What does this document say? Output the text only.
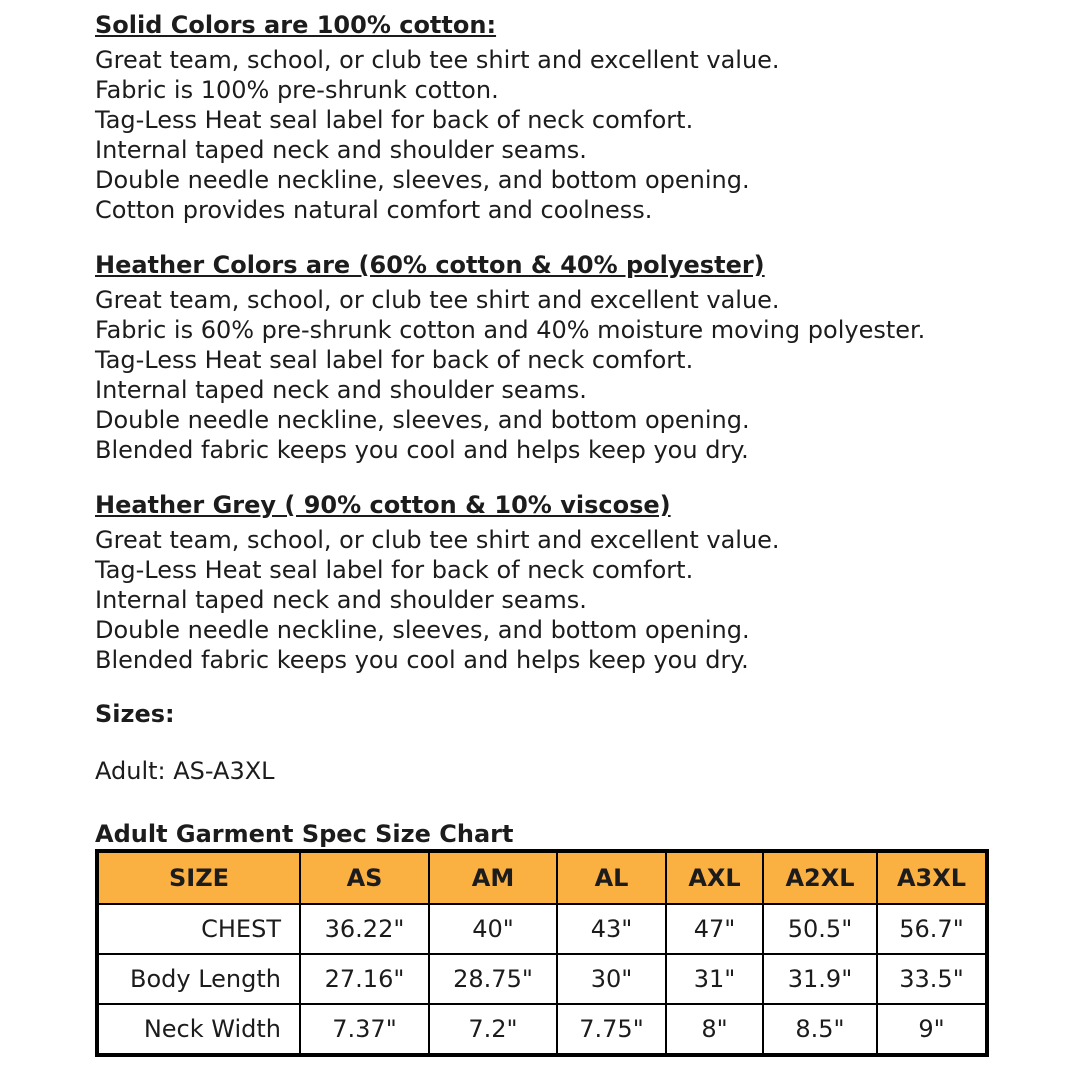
Solid Colors are 100% cotton:
Great team, school, or club tee shirt and excellent value.
Fabric is 100% pre-shrunk cotton.
Tag-Less Heat seal label for back of neck comfort.
Internal taped neck and shoulder seams.
Double needle neckline, sleeves, and bottom opening.
Cotton provides natural comfort and coolness.
Heather Colors are (60% cotton & 40% polyester)
Great team, school, or club tee shirt and excellent value.
Fabric is 60% pre-shrunk cotton and 40% moisture moving polyester.
Tag-Less Heat seal label for back of neck comfort.
Internal taped neck and shoulder seams.
Double needle neckline, sleeves, and bottom opening.
Blended fabric keeps you cool and helps keep you dry.
Heather Grey ( 90% cotton & 10% viscose)
Great team, school, or club tee shirt and excellent value.
Tag-Less Heat seal label for back of neck comfort.
Internal taped neck and shoulder seams.
Double needle neckline, sleeves, and bottom opening.
Blended fabric keeps you cool and helps keep you dry.
Sizes:
Adult: AS-A3XL
Adult Garment Spec Size Chart
SIZE	AS	AM	AL	AXL	A2XL	A3XL
CHEST	36.22"	40"	43"	47"	50.5"	56.7"
Body Length	27.16"	28.75"	30"	31"	31.9"	33.5"
Neck Width	7.37"	7.2"	7.75"	8"	8.5"	9"
